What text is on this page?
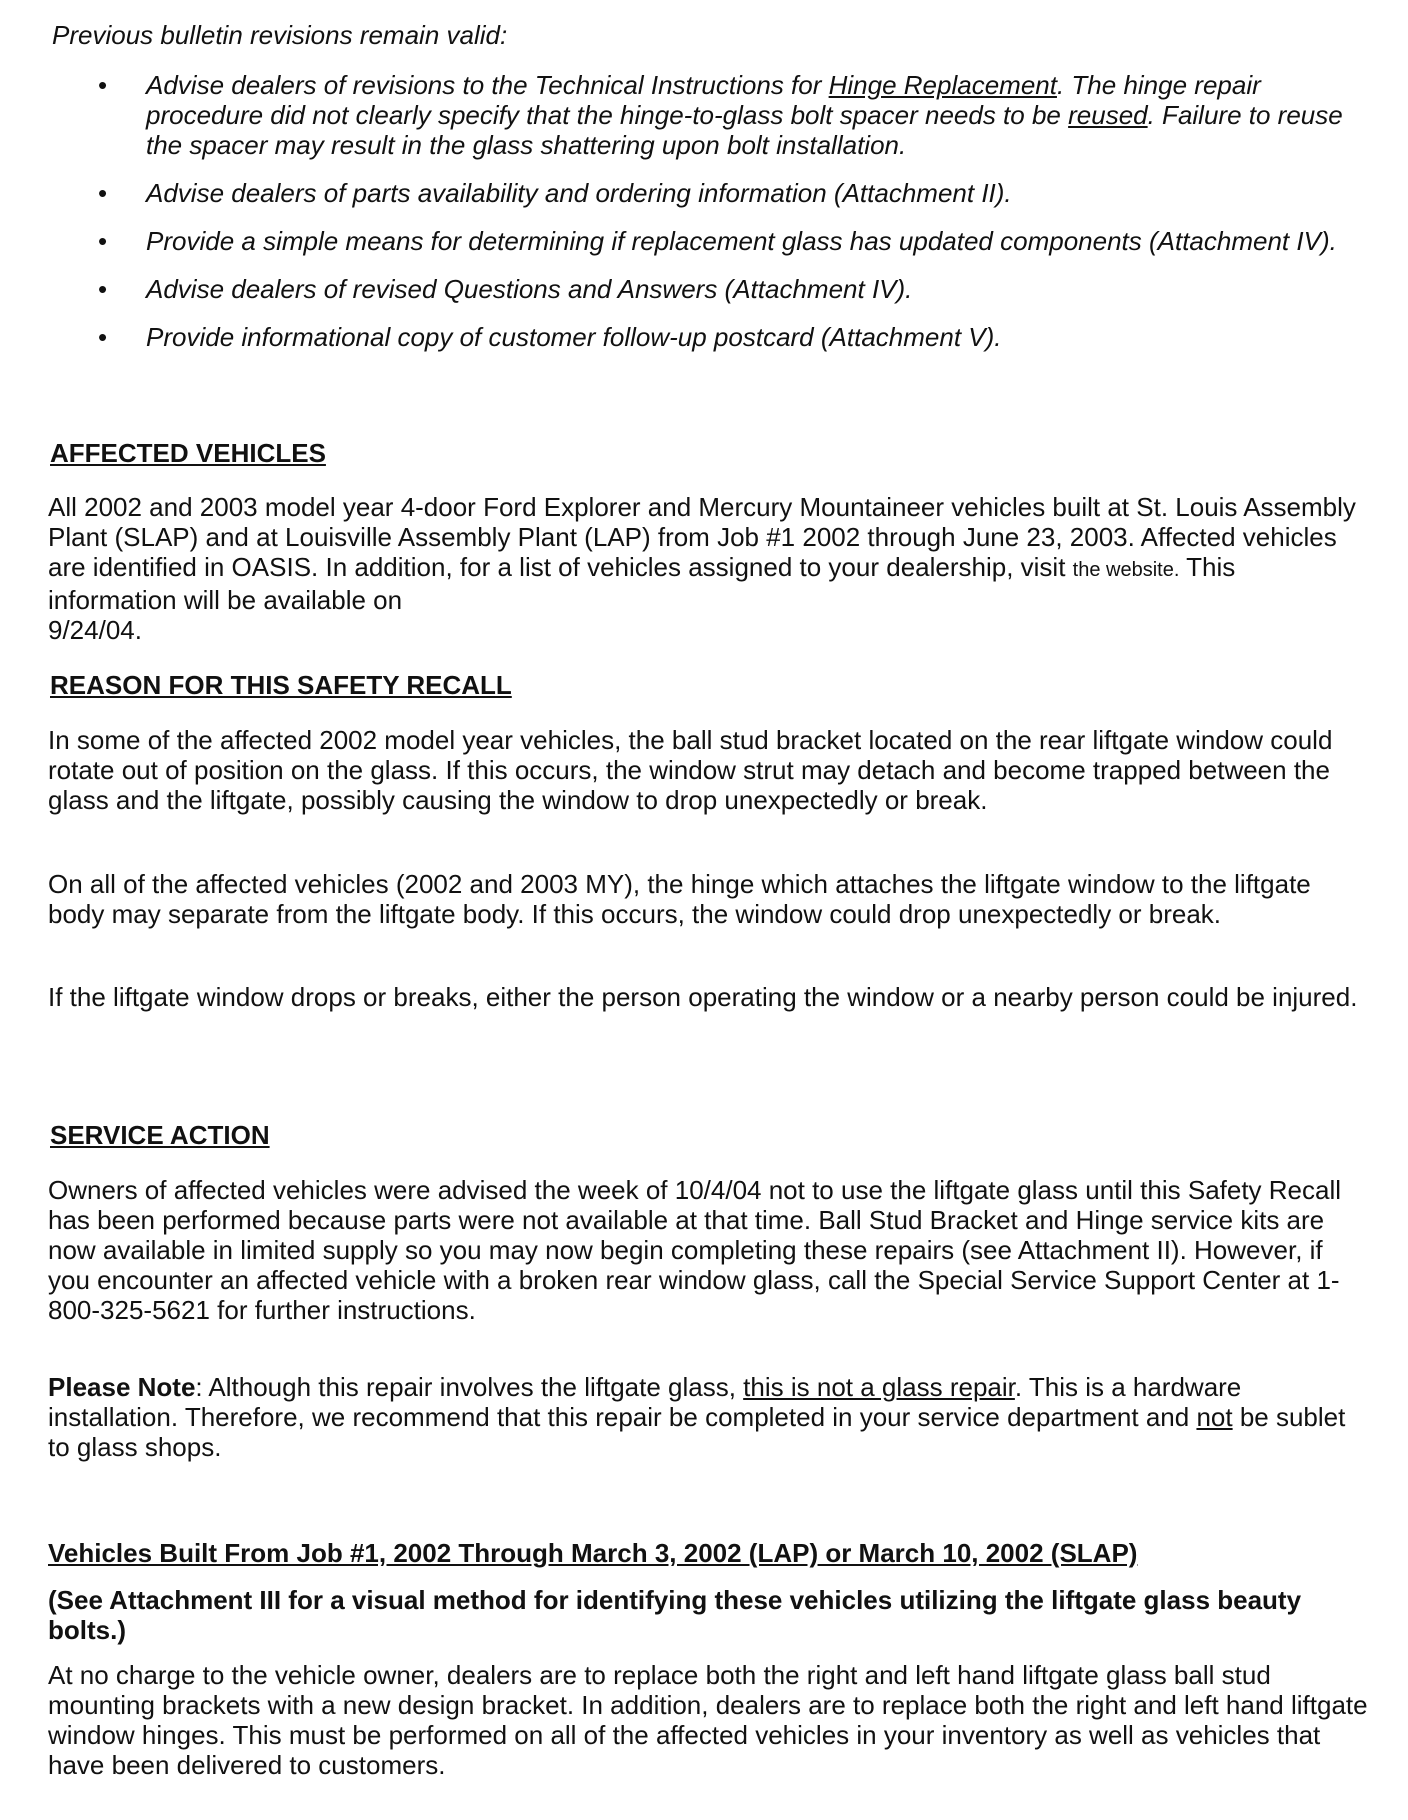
Previous bulletin revisions remain valid:
• Advise dealers of revisions to the Technical Instructions for Hinge Replacement. The hinge repair procedure did not clearly specify that the hinge-to-glass bolt spacer needs to be reused. Failure to reuse the spacer may result in the glass shattering upon bolt installation.
• Advise dealers of parts availability and ordering information (Attachment II).
• Provide a simple means for determining if replacement glass has updated components (Attachment IV).
• Advise dealers of revised Questions and Answers (Attachment IV).
• Provide informational copy of customer follow-up postcard (Attachment V).
AFFECTED VEHICLES

All 2002 and 2003 model year 4-door Ford Explorer and Mercury Mountaineer vehicles built at St. Louis Assembly Plant (SLAP) and at Louisville Assembly Plant (LAP) from Job #1 2002 through June 23, 2003. Affected vehicles are identified in OASIS. In addition, for a list of vehicles assigned to your dealership, visit the website. This information will be available on
9/24/04.

REASON FOR THIS SAFETY RECALL

In some of the affected 2002 model year vehicles, the ball stud bracket located on the rear liftgate window could rotate out of position on the glass. If this occurs, the window strut may detach and become trapped between the glass and the liftgate, possibly causing the window to drop unexpectedly or break.

On all of the affected vehicles (2002 and 2003 MY), the hinge which attaches the liftgate window to the liftgate body may separate from the liftgate body. If this occurs, the window could drop unexpectedly or break.

If the liftgate window drops or breaks, either the person operating the window or a nearby person could be injured.

SERVICE ACTION

Owners of affected vehicles were advised the week of 10/4/04 not to use the liftgate glass until this Safety Recall has been performed because parts were not available at that time. Ball Stud Bracket and Hinge service kits are now available in limited supply so you may now begin completing these repairs (see Attachment II). However, if you encounter an affected vehicle with a broken rear window glass, call the Special Service Support Center at 1-800-325-5621 for further instructions.

Please Note: Although this repair involves the liftgate glass, this is not a glass repair. This is a hardware installation. Therefore, we recommend that this repair be completed in your service department and not be sublet to glass shops.

Vehicles Built From Job #1, 2002 Through March 3, 2002 (LAP) or March 10, 2002 (SLAP)

(See Attachment III for a visual method for identifying these vehicles utilizing the liftgate glass beauty bolts.)

At no charge to the vehicle owner, dealers are to replace both the right and left hand liftgate glass ball stud mounting brackets with a new design bracket. In addition, dealers are to replace both the right and left hand liftgate window hinges. This must be performed on all of the affected vehicles in your inventory as well as vehicles that have been delivered to customers.
